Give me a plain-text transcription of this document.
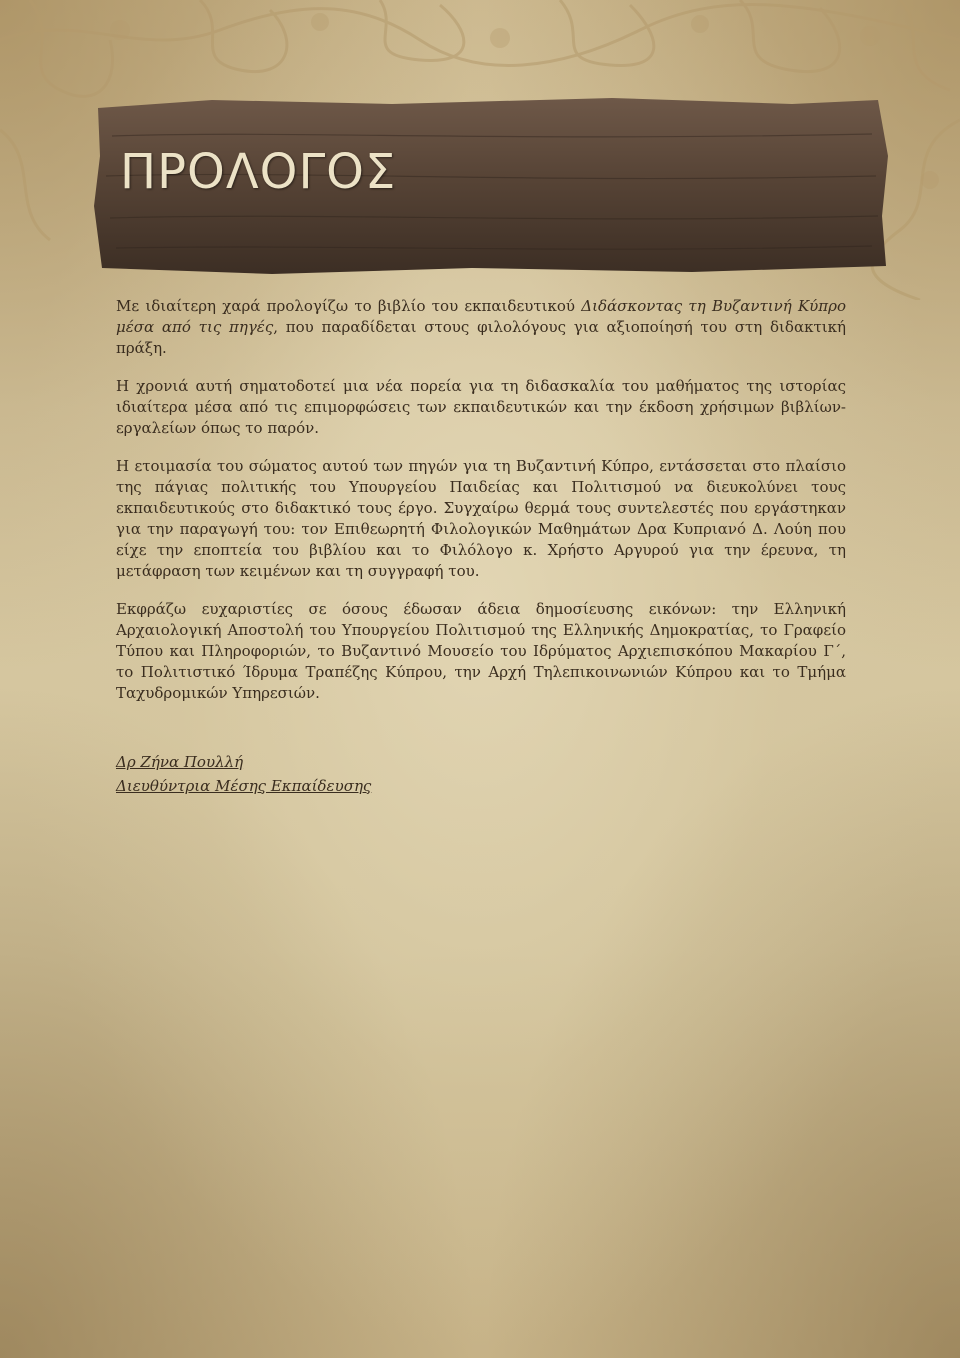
ΠΡΟΛΟΓΟΣ

Με ιδιαίτερη χαρά προλογίζω το βιβλίο του εκπαιδευτικού Διδάσκοντας τη Βυζαντινή Κύπρο μέσα από τις πηγές, που παραδίδεται στους φιλολόγους για αξιοποίησή του στη διδακτική πράξη.

Η χρονιά αυτή σηματοδοτεί μια νέα πορεία για τη διδασκαλία του μαθήματος της ιστορίας ιδιαίτερα μέσα από τις επιμορφώσεις των εκπαιδευτικών και την έκδοση χρήσιμων βιβλίων-εργαλείων όπως το παρόν.

Η ετοιμασία του σώματος αυτού των πηγών για τη Βυζαντινή Κύπρο, εντάσσεται στο πλαίσιο της πάγιας πολιτικής του Υπουργείου Παιδείας και Πολιτισμού να διευκολύνει τους εκπαιδευτικούς στο διδακτικό τους έργο. Συγχαίρω θερμά τους συντελεστές που εργάστηκαν για την παραγωγή του: τον Επιθεωρητή Φιλολογικών Μαθημάτων Δρα Κυπριανό Δ. Λούη που είχε την εποπτεία του βιβλίου και το Φιλόλογο κ. Χρήστο Αργυρού για την έρευνα, τη μετάφραση των κειμένων και τη συγγραφή του.

Εκφράζω ευχαριστίες σε όσους έδωσαν άδεια δημοσίευσης εικόνων: την Ελληνική Αρχαιολογική Αποστολή του Υπουργείου Πολιτισμού της Ελληνικής Δημοκρατίας, το Γραφείο Τύπου και Πληροφοριών, το Βυζαντινό Μουσείο του Ιδρύματος Αρχιεπισκόπου Μακαρίου Γ΄, το Πολιτιστικό Ίδρυμα Τραπέζης Κύπρου, την Αρχή Τηλεπικοινωνιών Κύπρου και το Τμήμα Ταχυδρομικών Υπηρεσιών.

Δρ Ζήνα Πουλλή
Διευθύντρια Μέσης Εκπαίδευσης
